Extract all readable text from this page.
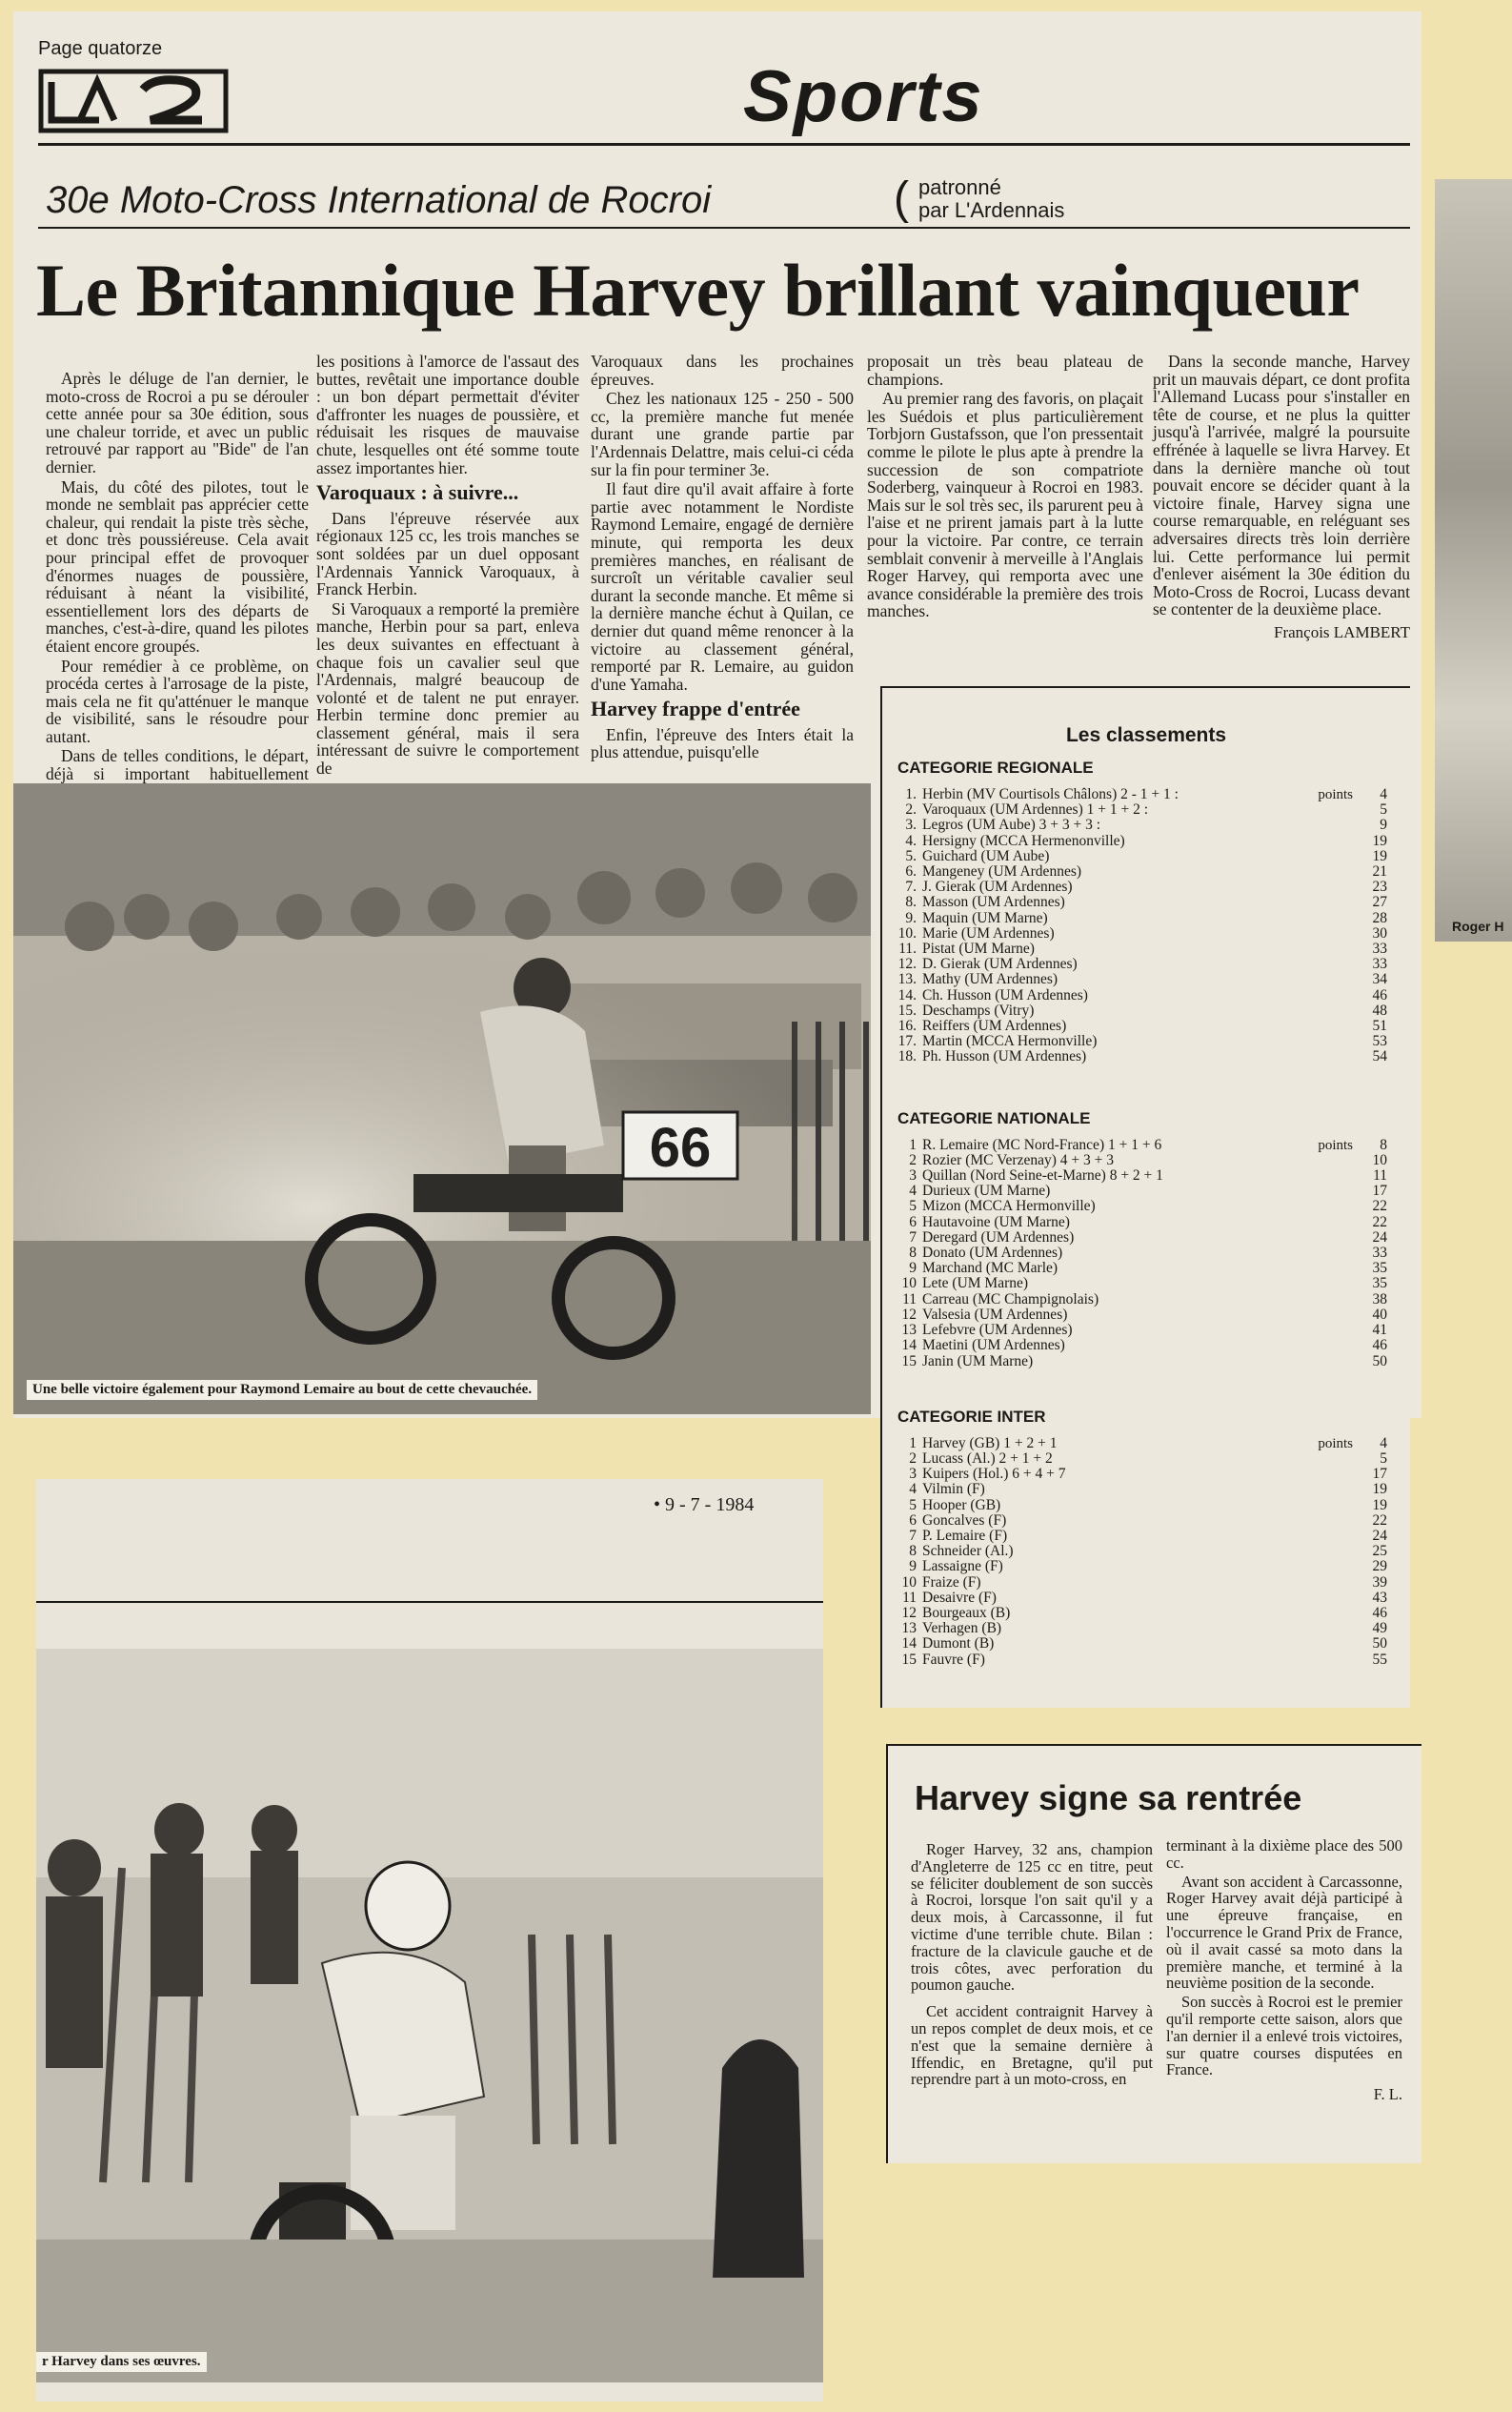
Roger H
Page quatorze
Sports
30e Moto-Cross International de Rocroi	( patronné
par L'Ardennais
Le Britannique Harvey brillant vainqueur

Après le déluge de l'an dernier, le moto-cross de Rocroi a pu se dérouler cette année pour sa 30e édition, sous une chaleur torride, et avec un public retrouvé par rapport au ''Bide'' de l'an dernier.

Mais, du côté des pilotes, tout le monde ne semblait pas apprécier cette chaleur, qui rendait la piste très sèche, et donc très poussiéreuse. Cela avait pour principal effet de provoquer d'énormes nuages de poussière, réduisant à néant la visibilité, essentiellement lors des départs de manches, c'est-à-dire, quand les pilotes étaient encore groupés.

Pour remédier à ce problème, on procéda certes à l'arrosage de la piste, mais cela ne fit qu'atténuer le manque de visibilité, sans le résoudre pour autant.

Dans de telles conditions, le départ, déjà si important habituellement

les positions à l'amorce de l'assaut des buttes, revêtait une importance double : un bon départ permettait d'éviter d'affronter les nuages de poussière, et réduisait les risques de mauvaise chute, lesquelles ont été somme toute assez importantes hier.

Varoquaux : à suivre...

Dans l'épreuve réservée aux régionaux 125 cc, les trois manches se sont soldées par un duel opposant l'Ardennais Yannick Varoquaux, à Franck Herbin.

Si Varoquaux a remporté la première manche, Herbin pour sa part, enleva les deux suivantes en effectuant à chaque fois un cavalier seul que l'Ardennais, malgré beaucoup de volonté et de talent ne put enrayer. Herbin termine donc premier au classement général, mais il sera intéressant de suivre le comportement de

Varoquaux dans les prochaines épreuves.

Chez les nationaux 125 - 250 - 500 cc, la première manche fut menée durant une grande partie par l'Ardennais Delattre, mais celui-ci céda sur la fin pour terminer 3e.

Il faut dire qu'il avait affaire à forte partie avec notamment le Nordiste Raymond Lemaire, engagé de dernière minute, qui remporta les deux premières manches, en réalisant de surcroît un véritable cavalier seul durant la seconde manche. Et même si la dernière manche échut à Quilan, ce dernier dut quand même renoncer à la victoire au classement général, remporté par R. Lemaire, au guidon d'une Yamaha.

Harvey frappe d'entrée

Enfin, l'épreuve des Inters était la plus attendue, puisqu'elle

proposait un très beau plateau de champions.

Au premier rang des favoris, on plaçait les Suédois et plus particulièrement Torbjorn Gustafsson, que l'on pressentait comme le pilote le plus apte à prendre la succession de son compatriote Soderberg, vainqueur à Rocroi en 1983. Mais sur le sol très sec, ils parurent peu à l'aise et ne prirent jamais part à la lutte pour la victoire. Par contre, ce terrain semblait convenir à merveille à l'Anglais Roger Harvey, qui remporta avec une avance considérable la première des trois manches.

Dans la seconde manche, Harvey prit un mauvais départ, ce dont profita l'Allemand Lucass pour s'installer en tête de course, et ne plus la quitter jusqu'à l'arrivée, malgré la poursuite effrénée à laquelle se livra Harvey. Et dans la dernière manche où tout pouvait encore se décider quant à la victoire finale, Harvey signa une course remarquable, en reléguant ses adversaires directs très loin derrière lui. Cette performance lui permit d'enlever aisément la 30e édition du Moto-Cross de Rocroi, Lucass devant se contenter de la deuxième place.

François LAMBERT
66
Une belle victoire également pour Raymond Lemaire au bout de cette chevauchée.
Les classements
CATEGORIE REGIONALE
points
1. Herbin (MV Courtisols Châlons) 2 - 1 + 1 :	4
2. Varoquaux (UM Ardennes) 1 + 1 + 2 :	5
3. Legros (UM Aube) 3 + 3 + 3 :	9
4. Hersigny (MCCA Hermenonville)	19
5. Guichard (UM Aube)	19
6. Mangeney (UM Ardennes)	21
7. J. Gierak (UM Ardennes)	23
8. Masson (UM Ardennes)	27
9. Maquin (UM Marne)	28
10. Marie (UM Ardennes)	30
11. Pistat (UM Marne)	33
12. D. Gierak (UM Ardennes)	33
13. Mathy (UM Ardennes)	34
14. Ch. Husson (UM Ardennes)	46
15. Deschamps (Vitry)	48
16. Reiffers (UM Ardennes)	51
17. Martin (MCCA Hermonville)	53
18. Ph. Husson (UM Ardennes)	54
CATEGORIE NATIONALE
points
1 R. Lemaire (MC Nord-France) 1 + 1 + 6	8
2 Rozier (MC Verzenay) 4 + 3 + 3	10
3 Quillan (Nord Seine-et-Marne) 8 + 2 + 1	11
4 Durieux (UM Marne)	17
5 Mizon (MCCA Hermonville)	22
6 Hautavoine (UM Marne)	22
7 Deregard (UM Ardennes)	24
8 Donato (UM Ardennes)	33
9 Marchand (MC Marle)	35
10 Lete (UM Marne)	35
11 Carreau (MC Champignolais)	38
12 Valsesia (UM Ardennes)	40
13 Lefebvre (UM Ardennes)	41
14 Maetini (UM Ardennes)	46
15 Janin (UM Marne)	50
CATEGORIE INTER
points
1 Harvey (GB) 1 + 2 + 1	4
2 Lucass (Al.) 2 + 1 + 2	5
3 Kuipers (Hol.) 6 + 4 + 7	17
4 Vilmin (F)	19
5 Hooper (GB)	19
6 Goncalves (F)	22
7 P. Lemaire (F)	24
8 Schneider (Al.)	25
9 Lassaigne (F)	29
10 Fraize (F)	39
11 Desaivre (F)	43
12 Bourgeaux (B)	46
13 Verhagen (B)	49
14 Dumont (B)	50
15 Fauvre (F)	55
• 9 - 7 - 1984
r Harvey dans ses œuvres.
Harvey signe sa rentrée

Roger Harvey, 32 ans, champion d'Angleterre de 125 cc en titre, peut se féliciter doublement de son succès à Rocroi, lorsque l'on sait qu'il y a deux mois, à Carcassonne, il fut victime d'une terrible chute. Bilan : fracture de la clavicule gauche et de trois côtes, avec perforation du poumon gauche.

Cet accident contraignit Harvey à un repos complet de deux mois, et ce n'est que la semaine dernière à Iffendic, en Bretagne, qu'il put reprendre part à un moto-cross, en

terminant à la dixième place des 500 cc.

Avant son accident à Carcassonne, Roger Harvey avait déjà participé à une épreuve française, en l'occurrence le Grand Prix de France, où il avait cassé sa moto dans la première manche, et terminé à la neuvième position de la seconde.

Son succès à Rocroi est le premier qu'il remporte cette saison, alors que l'an dernier il a enlevé trois victoires, sur quatre courses disputées en France.

F. L.
